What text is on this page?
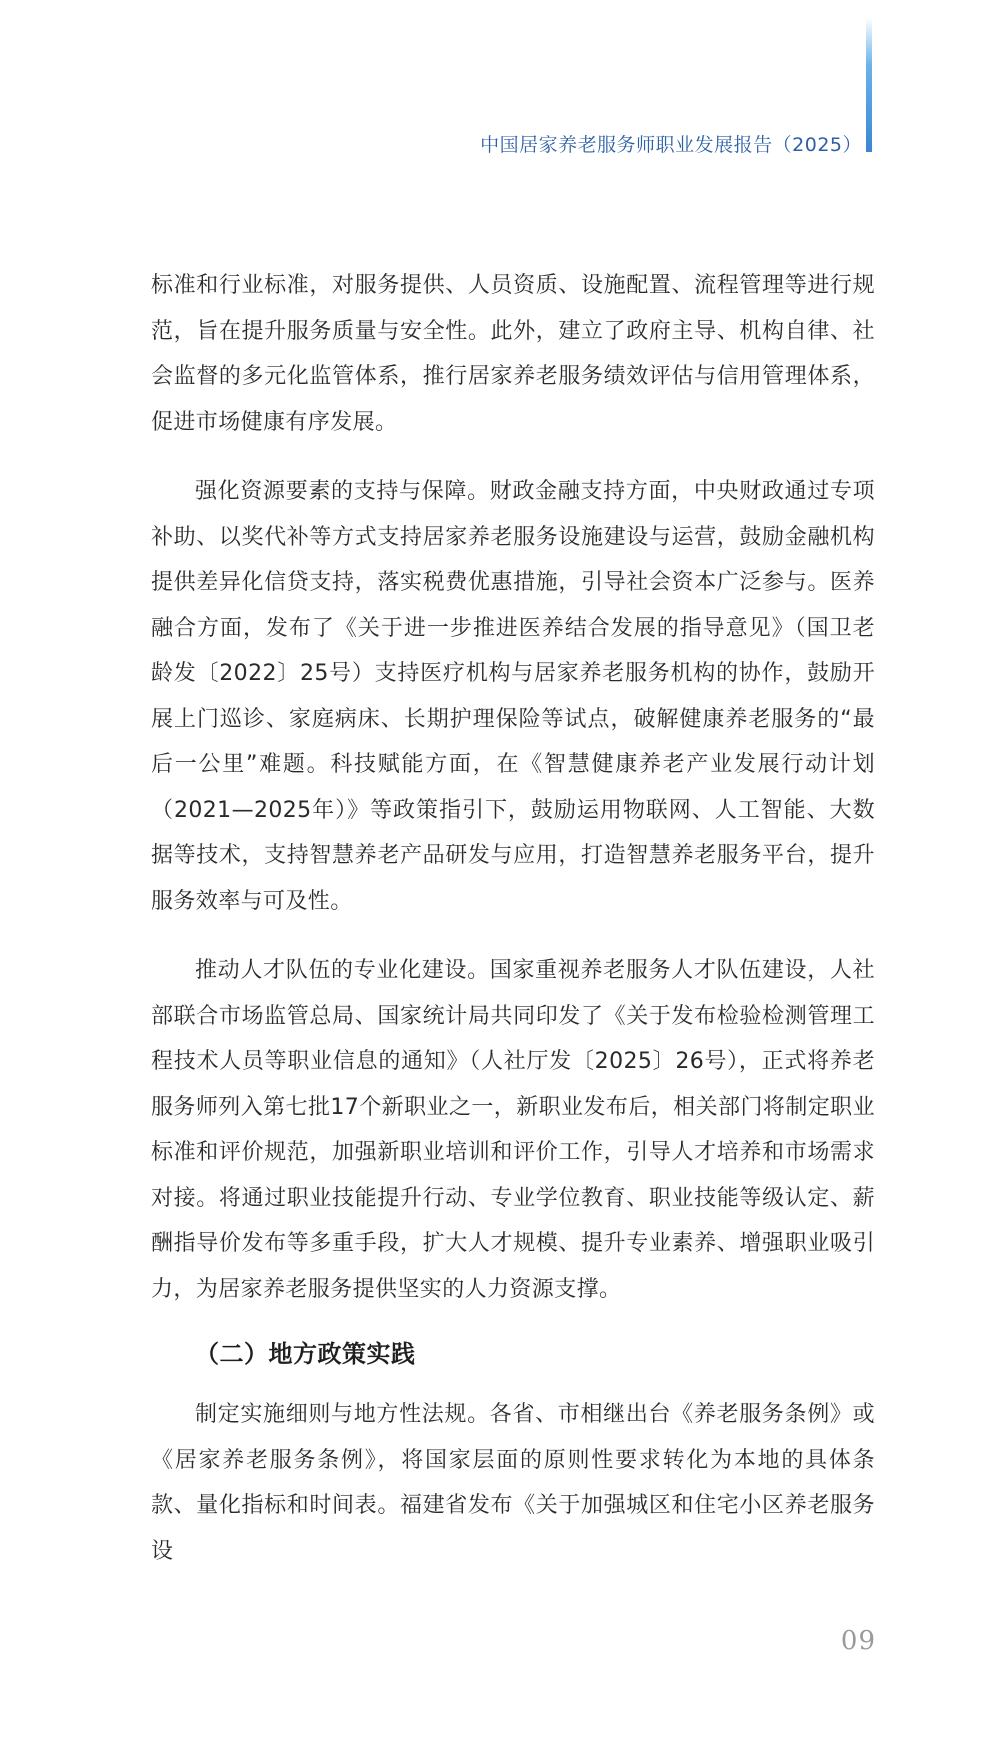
中国居家养老服务师职业发展报告（2025）

标准和行业标准，对服务提供、人员资质、设施配置、流程管理等进行规范，旨在提升服务质量与安全性。此外，建立了政府主导、机构自律、社会监督的多元化监管体系，推行居家养老服务绩效评估与信用管理体系，促进市场健康有序发展。

强化资源要素的支持与保障。财政金融支持方面，中央财政通过专项补助、以奖代补等方式支持居家养老服务设施建设与运营，鼓励金融机构提供差异化信贷支持，落实税费优惠措施，引导社会资本广泛参与。医养融合方面，发布了《关于进一步推进医养结合发展的指导意见》（国卫老龄发〔2022〕25号）支持医疗机构与居家养老服务机构的协作，鼓励开展上门巡诊、家庭病床、长期护理保险等试点，破解健康养老服务的“最后一公里”难题。科技赋能方面，在《智慧健康养老产业发展行动计划（2021—2025年）》等政策指引下，鼓励运用物联网、人工智能、大数据等技术，支持智慧养老产品研发与应用，打造智慧养老服务平台，提升服务效率与可及性。

推动人才队伍的专业化建设。国家重视养老服务人才队伍建设，人社部联合市场监管总局、国家统计局共同印发了《关于发布检验检测管理工程技术人员等职业信息的通知》（人社厅发〔2025〕26号），正式将养老服务师列入第七批17个新职业之一，新职业发布后，相关部门将制定职业标准和评价规范，加强新职业培训和评价工作，引导人才培养和市场需求对接。将通过职业技能提升行动、专业学位教育、职业技能等级认定、薪酬指导价发布等多重手段，扩大人才规模、提升专业素养、增强职业吸引力，为居家养老服务提供坚实的人力资源支撑。

（二）地方政策实践

制定实施细则与地方性法规。各省、市相继出台《养老服务条例》或《居家养老服务条例》，将国家层面的原则性要求转化为本地的具体条款、量化指标和时间表。福建省发布《关于加强城区和住宅小区养老服务设

09
